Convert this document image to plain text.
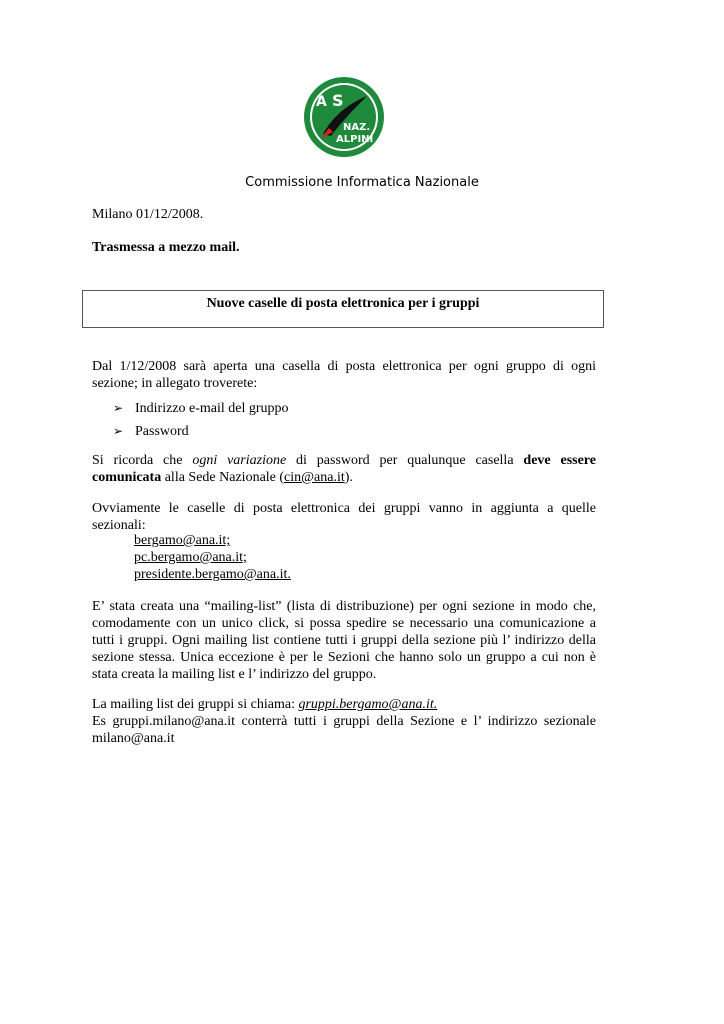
A S
NAZ.
ALPINI
Commissione Informatica Nazionale
Milano 01/12/2008.
Trasmessa a mezzo mail.
Nuove caselle di posta elettronica per i gruppi
Dal 1/12/2008 sarà aperta una casella di posta elettronica per ogni gruppo di ogni
sezione; in allegato troverete:
➢ Indirizzo e-mail del gruppo
➢ Password
Si ricorda che ogni variazione di password per qualunque casella deve essere
comunicata alla Sede Nazionale (cin@ana.it).
Ovviamente le caselle di posta elettronica dei gruppi vanno in aggiunta a quelle
sezionali:
bergamo@ana.it;
pc.bergamo@ana.it;
presidente.bergamo@ana.it.
E’ stata creata una “mailing-list” (lista di distribuzione) per ogni sezione in modo che,
comodamente con un unico click, si possa spedire se necessario una comunicazione a
tutti i gruppi. Ogni mailing list contiene tutti i gruppi della sezione più l’ indirizzo della
sezione stessa. Unica eccezione è per le Sezioni che hanno solo un gruppo a cui non è
stata creata la mailing list e l’ indirizzo del gruppo.
La mailing list dei gruppi si chiama: gruppi.bergamo@ana.it.
Es gruppi.milano@ana.it conterrà tutti i gruppi della Sezione e l’ indirizzo sezionale
milano@ana.it
